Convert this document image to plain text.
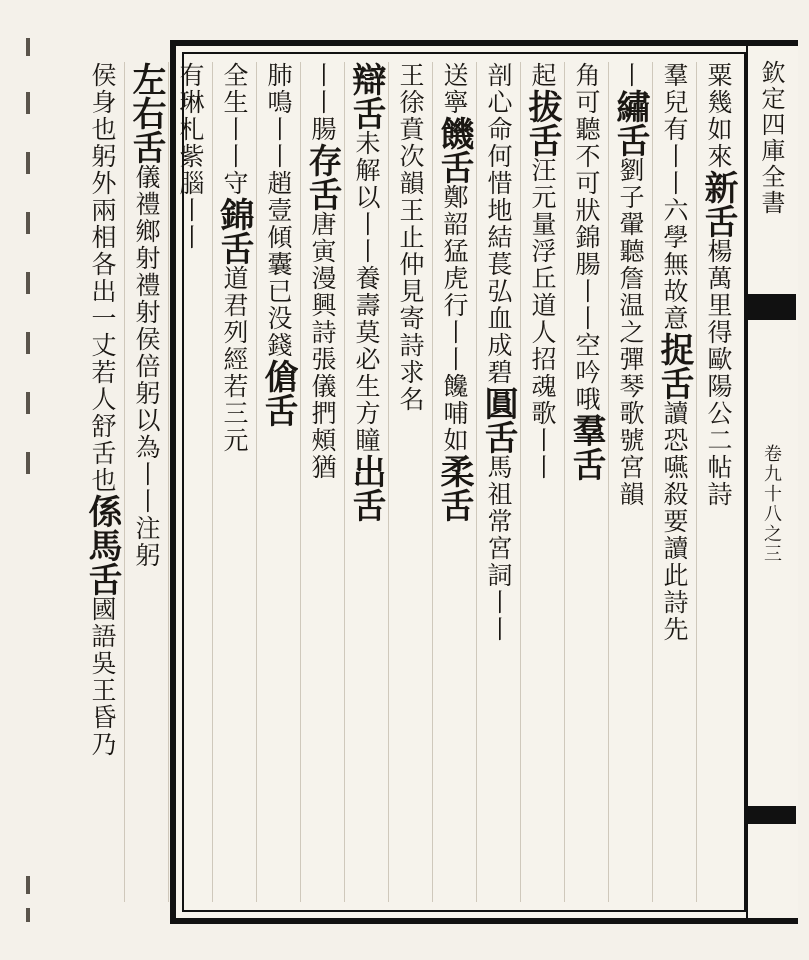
粟幾如來新舌楊萬里得歐陽公二帖詩
羣兒有丨丨六學無故意捉舌讀恐嚥殺要讀此詩先
丨繡舌劉子翬聽詹温之彈琴歌號宮韻
角可聽不可狀錦腸丨丨空吟哦羣舌
起拔舌汪元量浮丘道人招魂歌丨丨
剖心命何惜地結萇弘血成碧圓舌馬祖常宮詞丨丨
送寧饑舌鄭韶猛虎行丨丨饞哺如柔舌
王徐賁次韻王止仲見寄詩求名
辯舌未解以丨丨養壽莫必生方瞳出舌
丨丨腸存舌唐寅漫興詩張儀捫頰猶
肺鳴丨丨趙壹傾囊已没錢傖舌
全生丨丨守錦舌道君列經若三元
有琳札紫腦丨丨
左右舌儀禮鄉射禮射侯倍躬以為丨丨注躬
侯身也躬外兩相各出一丈若人舒舌也係馬舌國語吳王昏乃
欽定四庫全書
卷九十八之三
